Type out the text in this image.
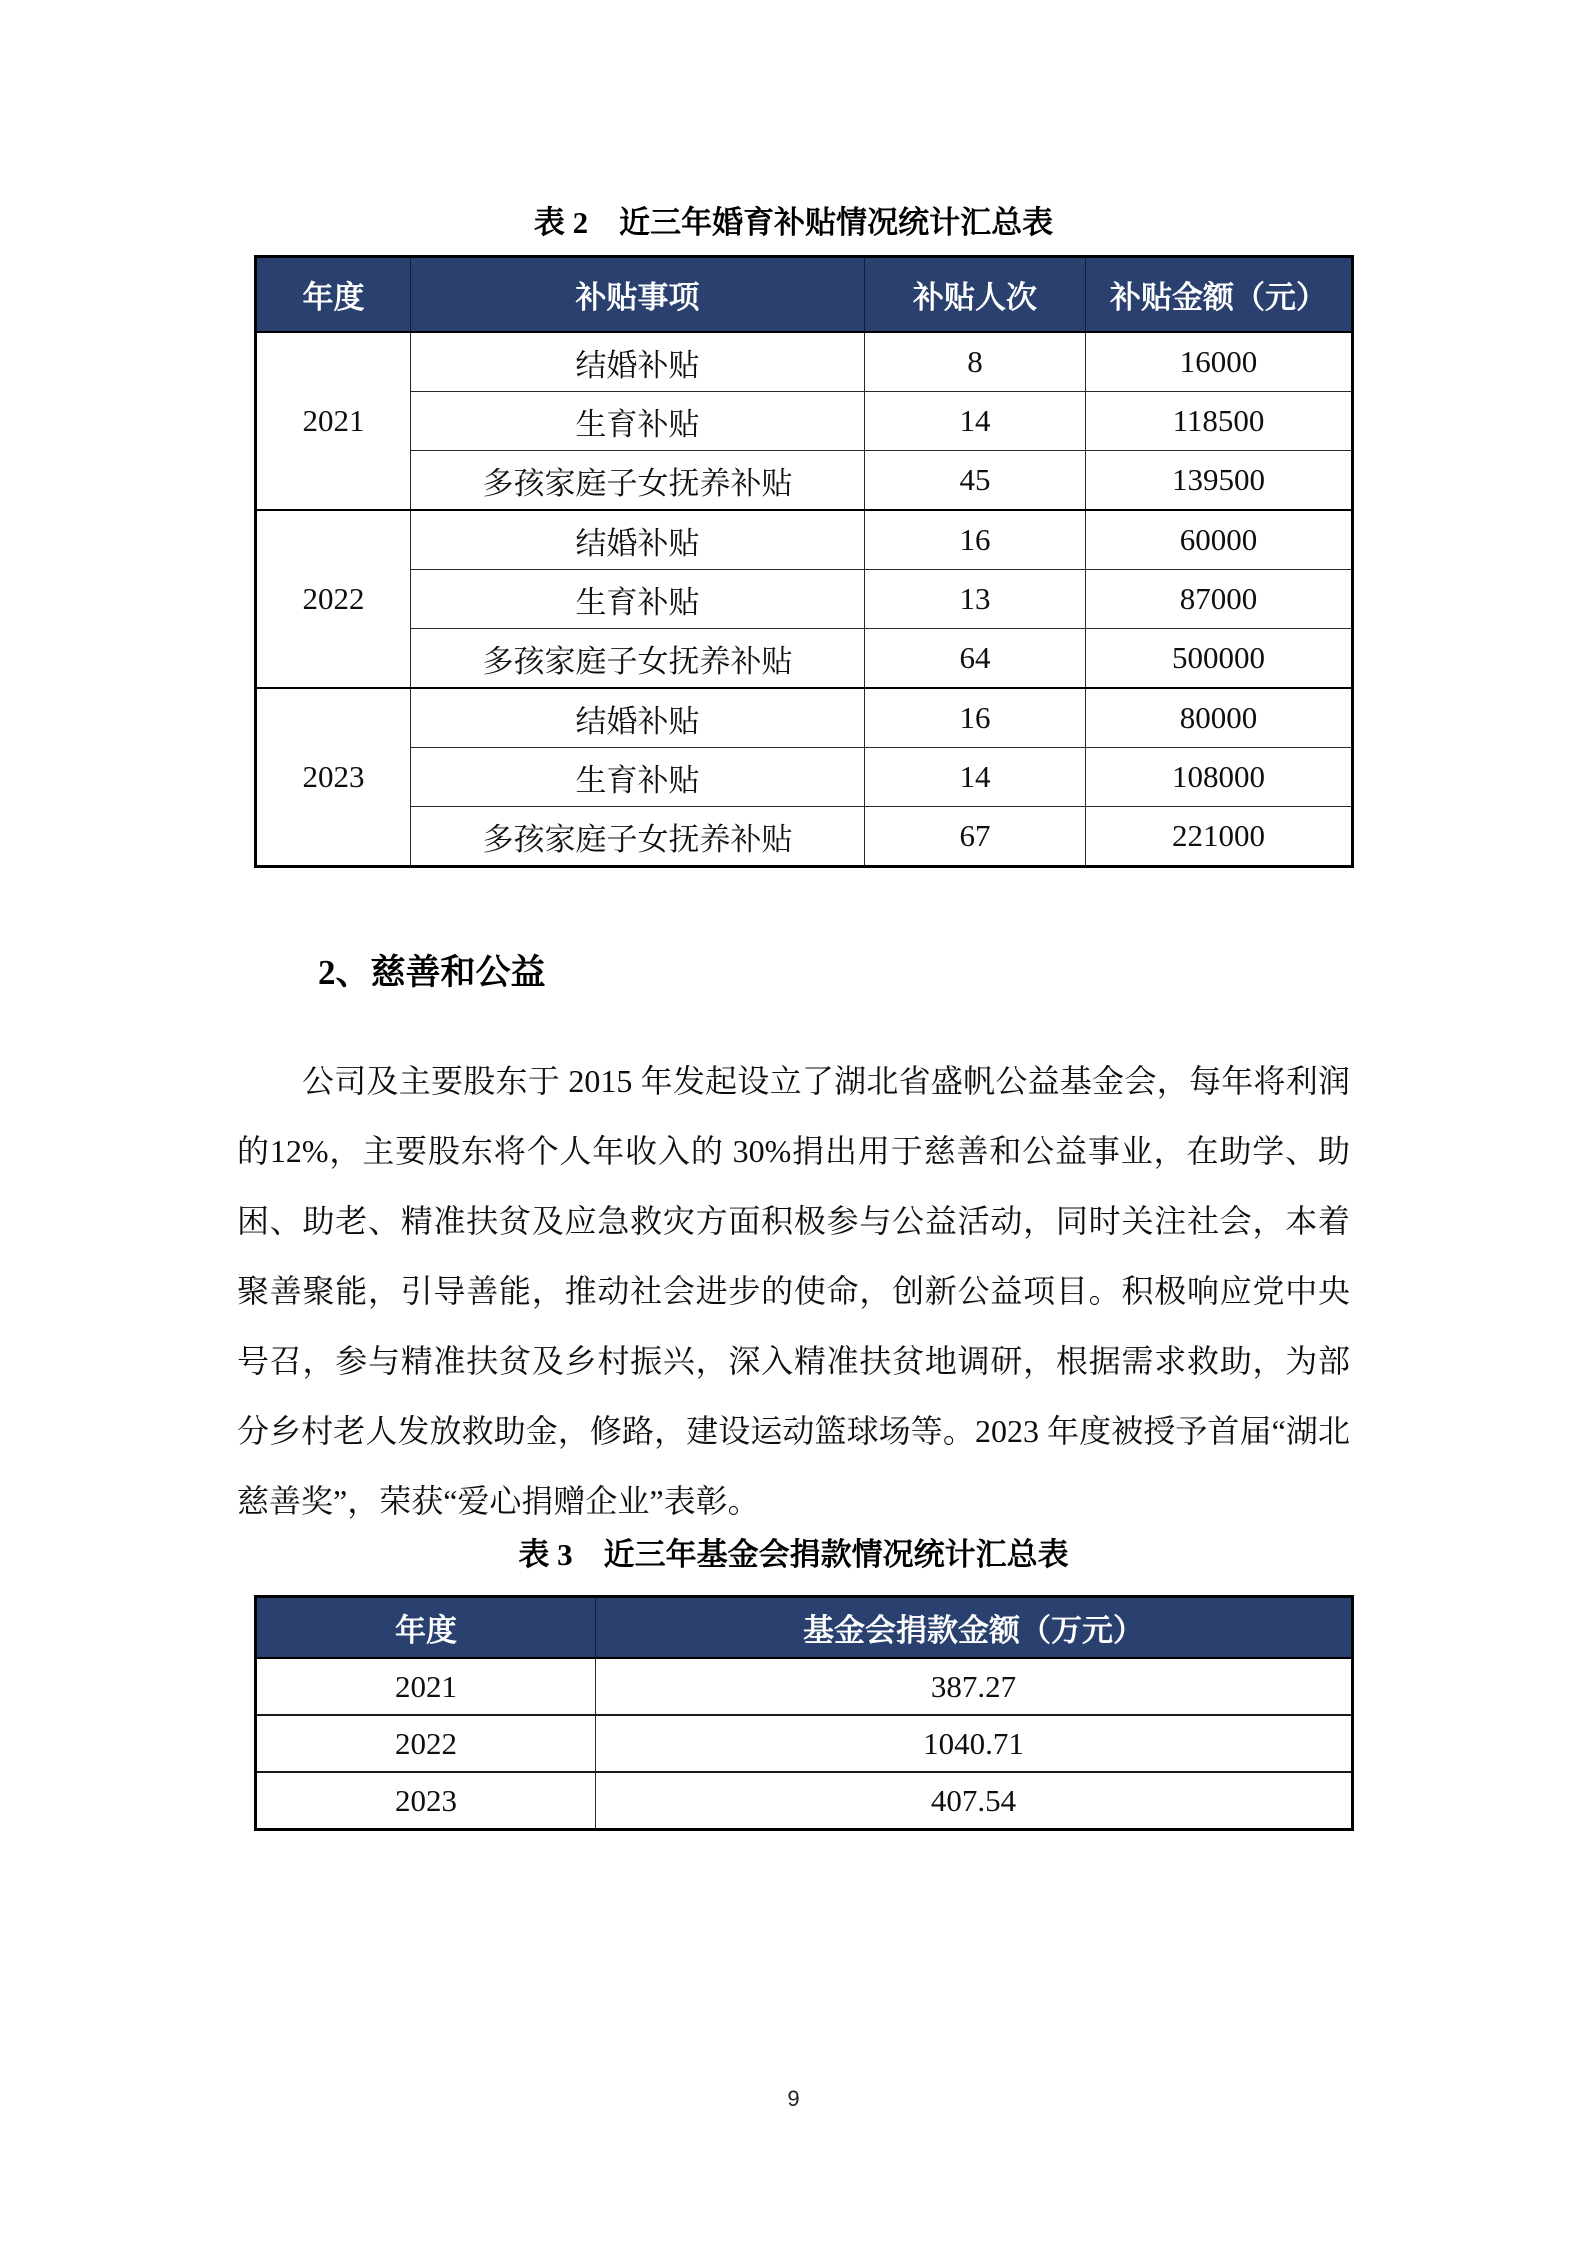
表 2　近三年婚育补贴情况统计汇总表
年度	补贴事项	补贴人次	补贴金额（元）
2021	结婚补贴	8	16000
	生育补贴	14	118500
	多孩家庭子女抚养补贴	45	139500
2022	结婚补贴	16	60000
	生育补贴	13	87000
	多孩家庭子女抚养补贴	64	500000
2023	结婚补贴	16	80000
	生育补贴	14	108000
	多孩家庭子女抚养补贴	67	221000
2、慈善和公益
公司及主要股东于 2015 年发起设立了湖北省盛帆公益基金会，每年将利润的12%，主要股东将个人年收入的 30%捐出用于慈善和公益事业，在助学、助困、助老、精准扶贫及应急救灾方面积极参与公益活动，同时关注社会，本着聚善聚能，引导善能，推动社会进步的使命，创新公益项目。积极响应党中央号召，参与精准扶贫及乡村振兴，深入精准扶贫地调研，根据需求救助，为部分乡村老人发放救助金，修路，建设运动篮球场等。2023 年度被授予首届“湖北慈善奖”，荣获“爱心捐赠企业”表彰。
表 3　近三年基金会捐款情况统计汇总表
年度	基金会捐款金额（万元）
2021	387.27
2022	1040.71
2023	407.54
9
